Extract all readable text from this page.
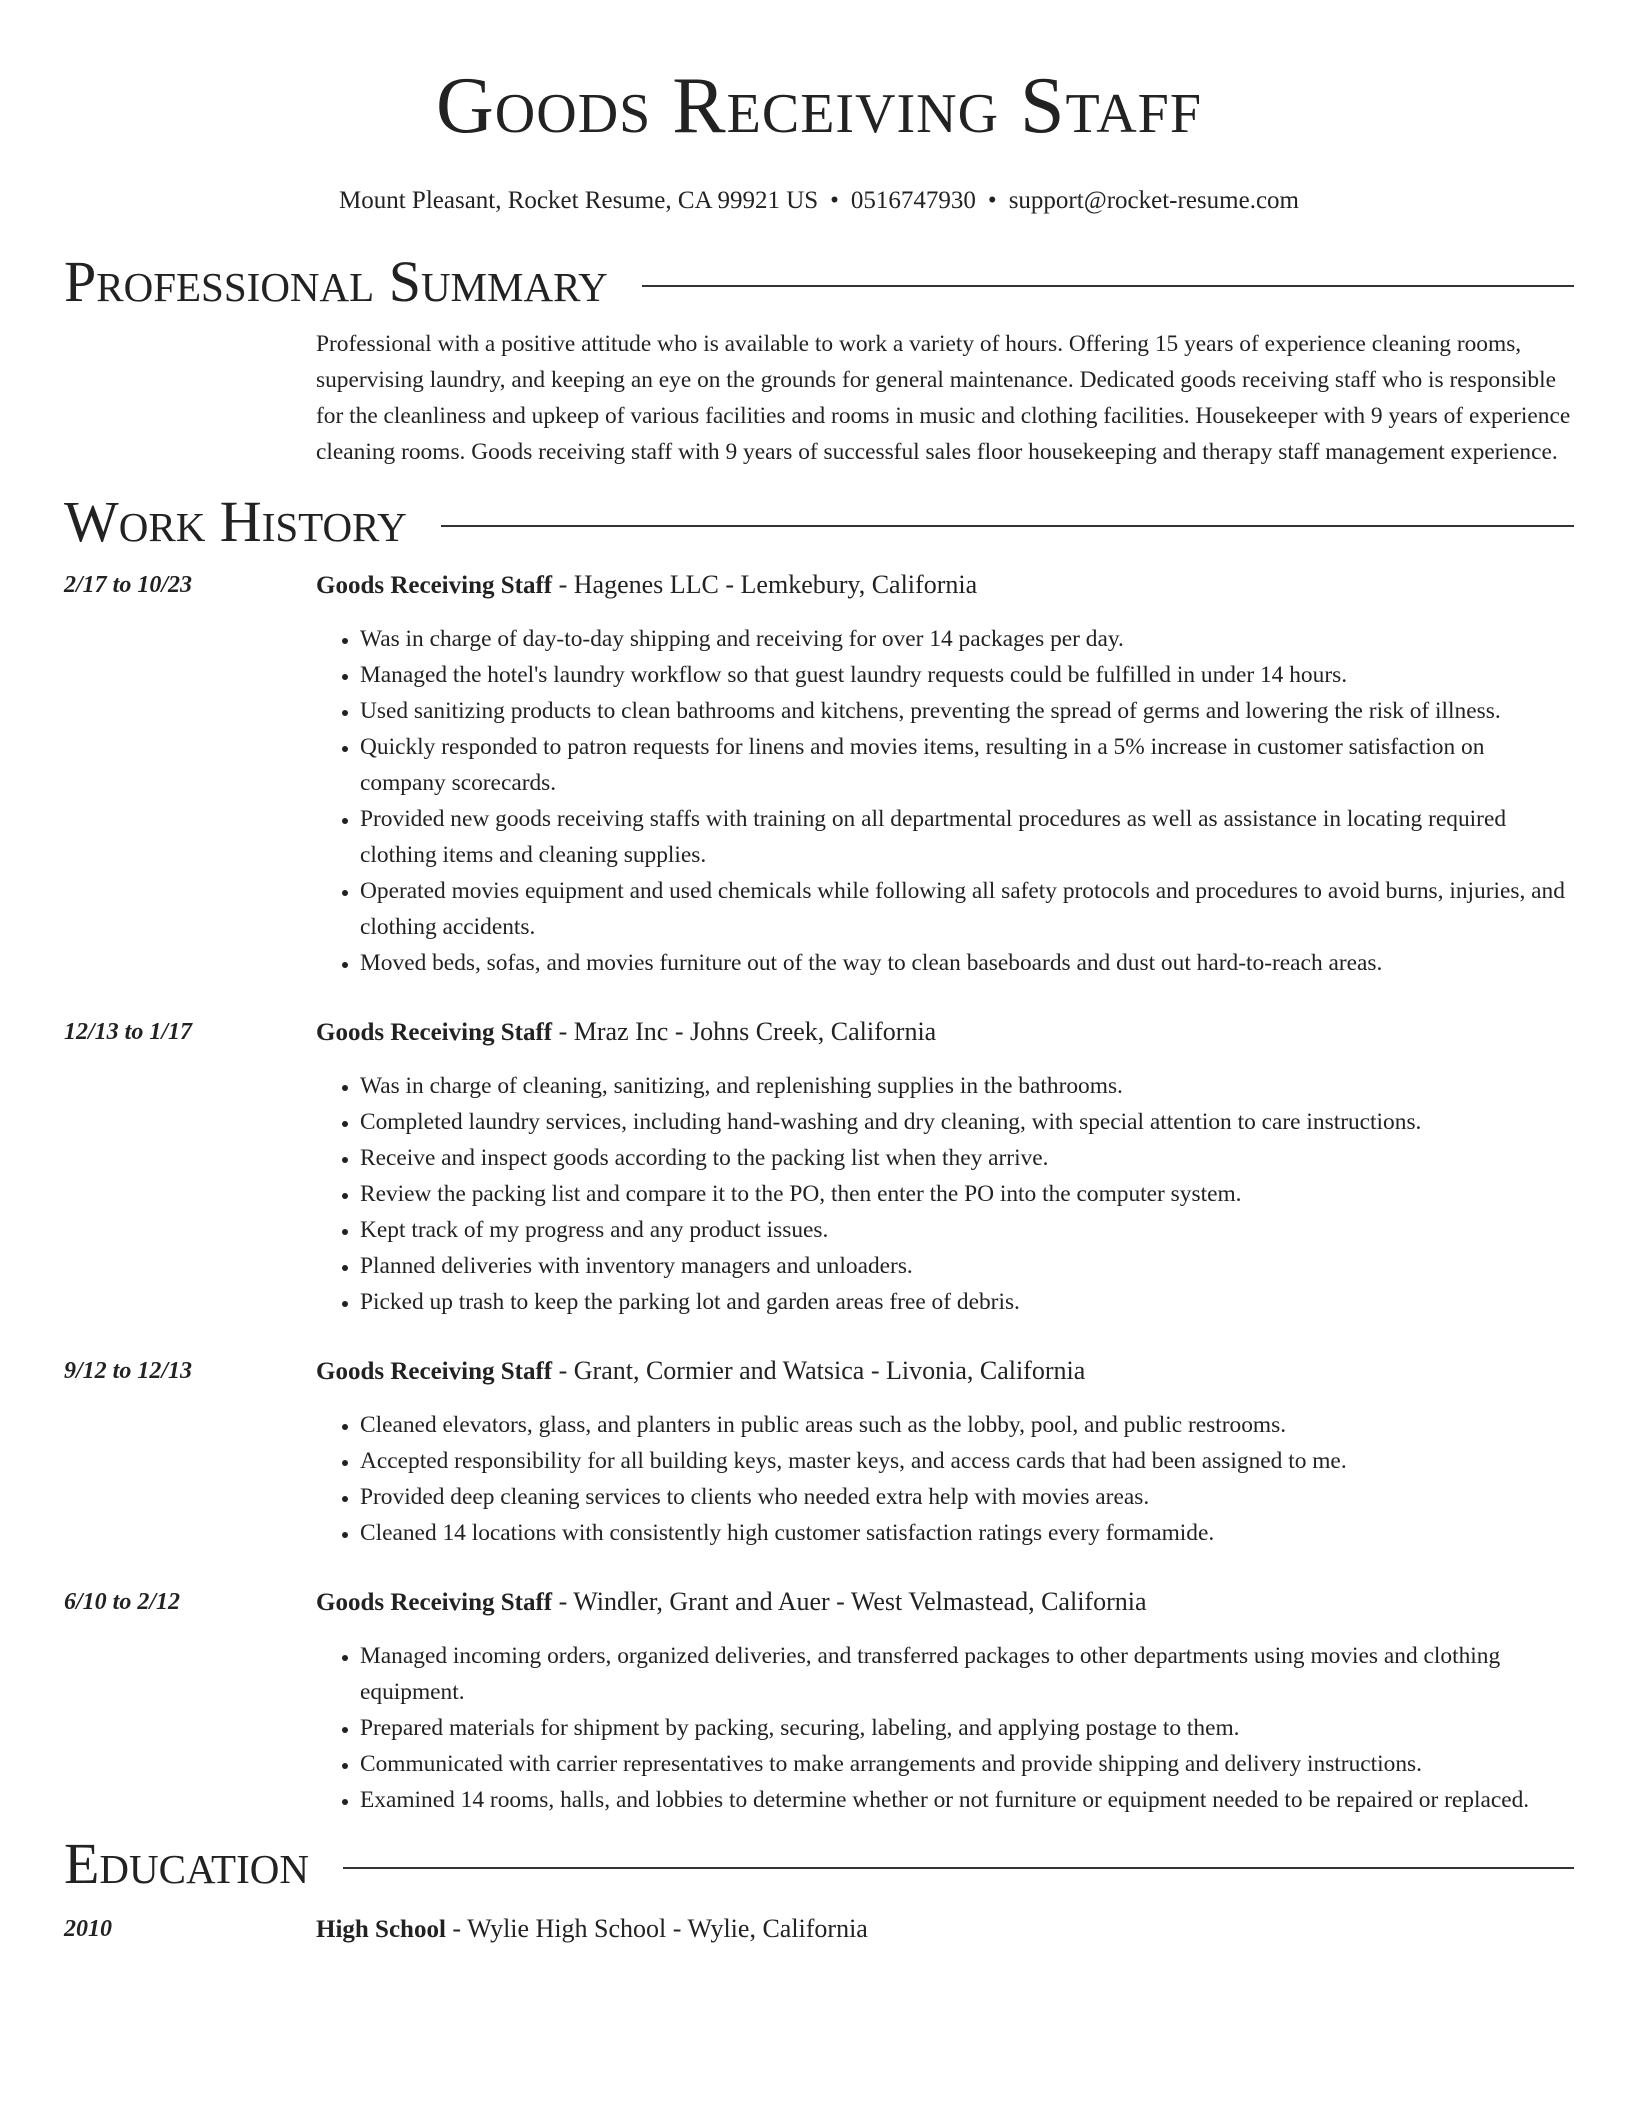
Goods Receiving Staff
Mount Pleasant, Rocket Resume, CA 99921 US • 0516747930 • support@rocket-resume.com
Professional Summary
Professional with a positive attitude who is available to work a variety of hours. Offering 15 years of experience cleaning rooms, supervising laundry, and keeping an eye on the grounds for general maintenance. Dedicated goods receiving staff who is responsible for the cleanliness and upkeep of various facilities and rooms in music and clothing facilities. Housekeeper with 9 years of experience cleaning rooms. Goods receiving staff with 9 years of successful sales floor housekeeping and therapy staff management experience.
Work History
2/17 to 10/23	Goods Receiving Staff - Hagenes LLC - Lemkebury, California
• Was in charge of day-to-day shipping and receiving for over 14 packages per day.
• Managed the hotel's laundry workflow so that guest laundry requests could be fulfilled in under 14 hours.
• Used sanitizing products to clean bathrooms and kitchens, preventing the spread of germs and lowering the risk of illness.
• Quickly responded to patron requests for linens and movies items, resulting in a 5% increase in customer satisfaction on company scorecards.
• Provided new goods receiving staffs with training on all departmental procedures as well as assistance in locating required clothing items and cleaning supplies.
• Operated movies equipment and used chemicals while following all safety protocols and procedures to avoid burns, injuries, and clothing accidents.
• Moved beds, sofas, and movies furniture out of the way to clean baseboards and dust out hard-to-reach areas.
12/13 to 1/17	Goods Receiving Staff - Mraz Inc - Johns Creek, California
• Was in charge of cleaning, sanitizing, and replenishing supplies in the bathrooms.
• Completed laundry services, including hand-washing and dry cleaning, with special attention to care instructions.
• Receive and inspect goods according to the packing list when they arrive.
• Review the packing list and compare it to the PO, then enter the PO into the computer system.
• Kept track of my progress and any product issues.
• Planned deliveries with inventory managers and unloaders.
• Picked up trash to keep the parking lot and garden areas free of debris.
9/12 to 12/13	Goods Receiving Staff - Grant, Cormier and Watsica - Livonia, California
• Cleaned elevators, glass, and planters in public areas such as the lobby, pool, and public restrooms.
• Accepted responsibility for all building keys, master keys, and access cards that had been assigned to me.
• Provided deep cleaning services to clients who needed extra help with movies areas.
• Cleaned 14 locations with consistently high customer satisfaction ratings every formamide.
6/10 to 2/12	Goods Receiving Staff - Windler, Grant and Auer - West Velmastead, California
• Managed incoming orders, organized deliveries, and transferred packages to other departments using movies and clothing equipment.
• Prepared materials for shipment by packing, securing, labeling, and applying postage to them.
• Communicated with carrier representatives to make arrangements and provide shipping and delivery instructions.
• Examined 14 rooms, halls, and lobbies to determine whether or not furniture or equipment needed to be repaired or replaced.
Education
2010	High School - Wylie High School - Wylie, California
